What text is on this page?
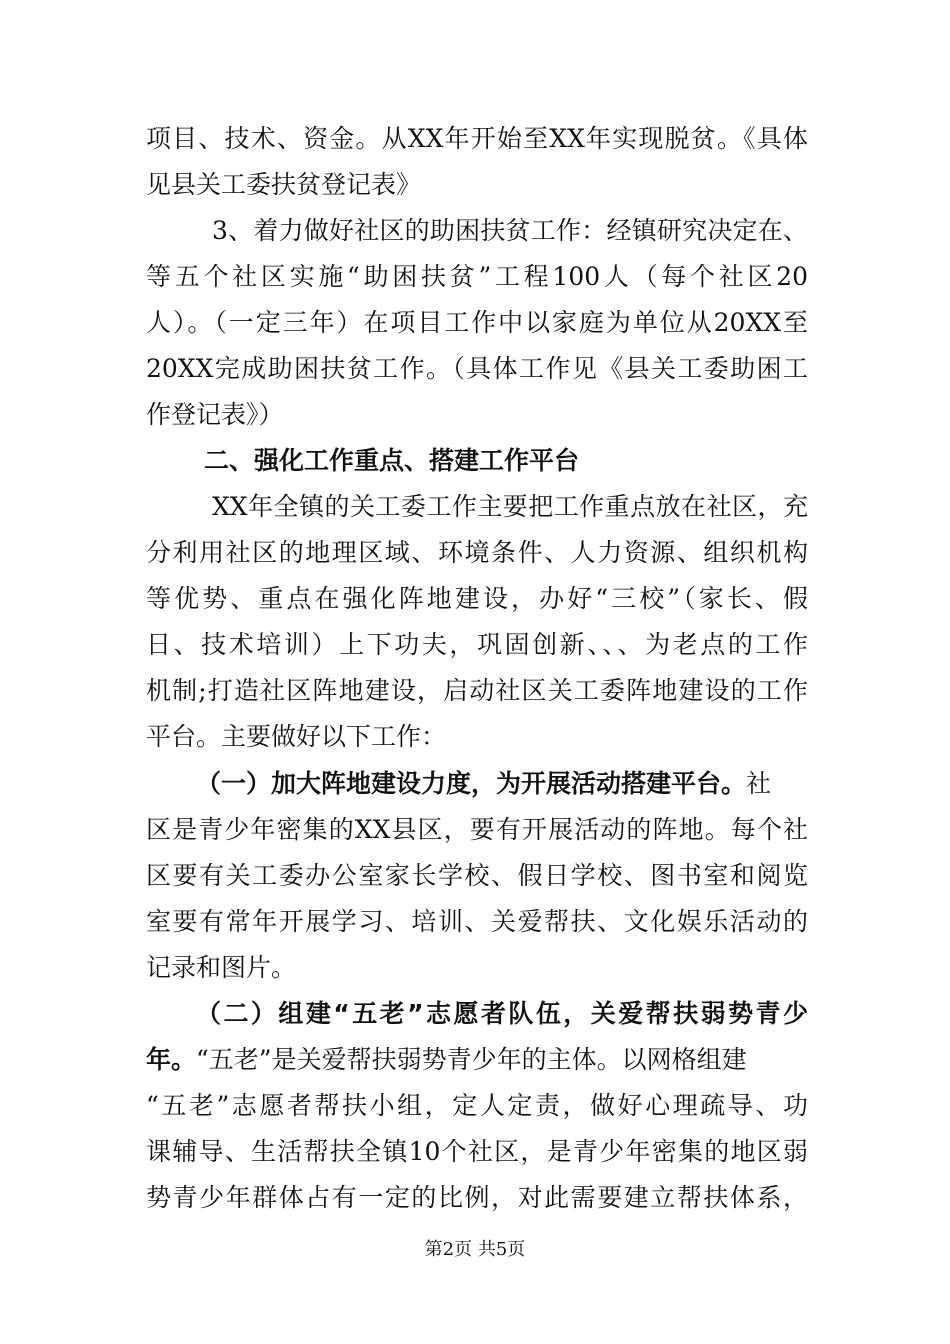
项目、技术、资金。从XX年开始至XX年实现脱贫。《具体
见县关工委扶贫登记表》
3、着力做好社区的助困扶贫工作：经镇研究决定在、
等五个社区实施“助困扶贫”工程100人（每个社区20
人）。（一定三年）在项目工作中以家庭为单位从20XX至
20XX完成助困扶贫工作。（具体工作见《县关工委助困工
作登记表》）
二、强化工作重点、搭建工作平台
XX年全镇的关工委工作主要把工作重点放在社区，充
分利用社区的地理区域、环境条件、人力资源、组织机构
等优势、重点在强化阵地建设，办好“三校”（家长、假
日、技术培训）上下功夫，巩固创新、、、为老点的工作
机制;打造社区阵地建设，启动社区关工委阵地建设的工作
平台。主要做好以下工作：
（一）加大阵地建设力度，为开展活动搭建平台。社
区是青少年密集的XX县区，要有开展活动的阵地。每个社
区要有关工委办公室家长学校、假日学校、图书室和阅览
室要有常年开展学习、培训、关爱帮扶、文化娱乐活动的
记录和图片。
（二）组建“五老”志愿者队伍，关爱帮扶弱势青少
年。“五老”是关爱帮扶弱势青少年的主体。以网格组建
“五老”志愿者帮扶小组，定人定责，做好心理疏导、功
课辅导、生活帮扶全镇10个社区，是青少年密集的地区弱
势青少年群体占有一定的比例，对此需要建立帮扶体系，
第2页 共5页
